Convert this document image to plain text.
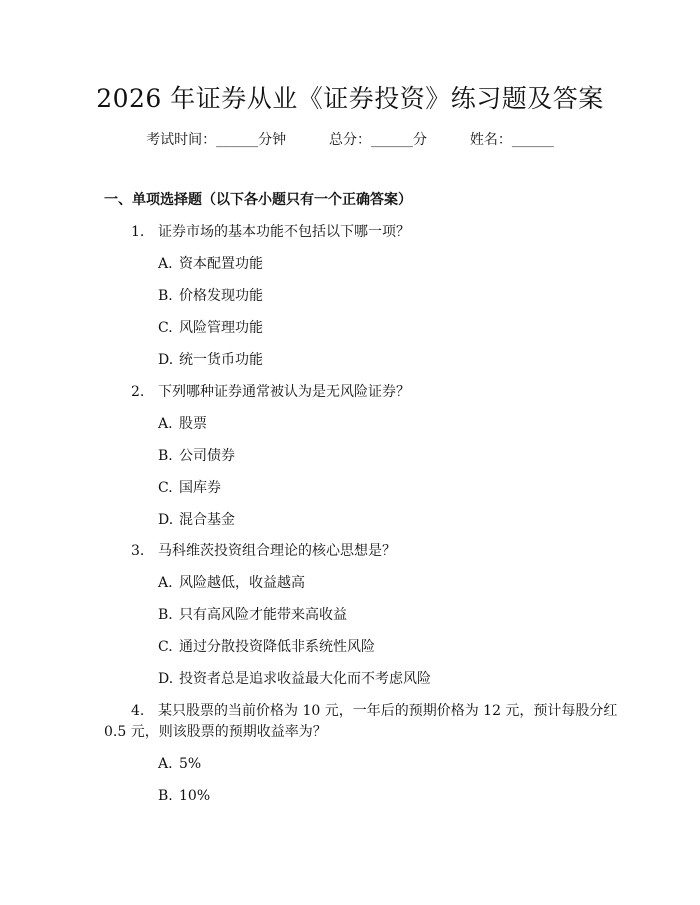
2026 年证券从业《证券投资》练习题及答案
考试时间：______分钟	总分：______分	姓名：______
一、单项选择题（以下各小题只有一个正确答案）
1. 证券市场的基本功能不包括以下哪一项？
A. 资本配置功能
B. 价格发现功能
C. 风险管理功能
D. 统一货币功能
2. 下列哪种证券通常被认为是无风险证券？
A. 股票
B. 公司债券
C. 国库券
D. 混合基金
3. 马科维茨投资组合理论的核心思想是？
A. 风险越低，收益越高
B. 只有高风险才能带来高收益
C. 通过分散投资降低非系统性风险
D. 投资者总是追求收益最大化而不考虑风险
4. 某只股票的当前价格为 10 元，一年后的预期价格为 12 元，预计每股分红
0.5 元，则该股票的预期收益率为？
A. 5%
B. 10%
